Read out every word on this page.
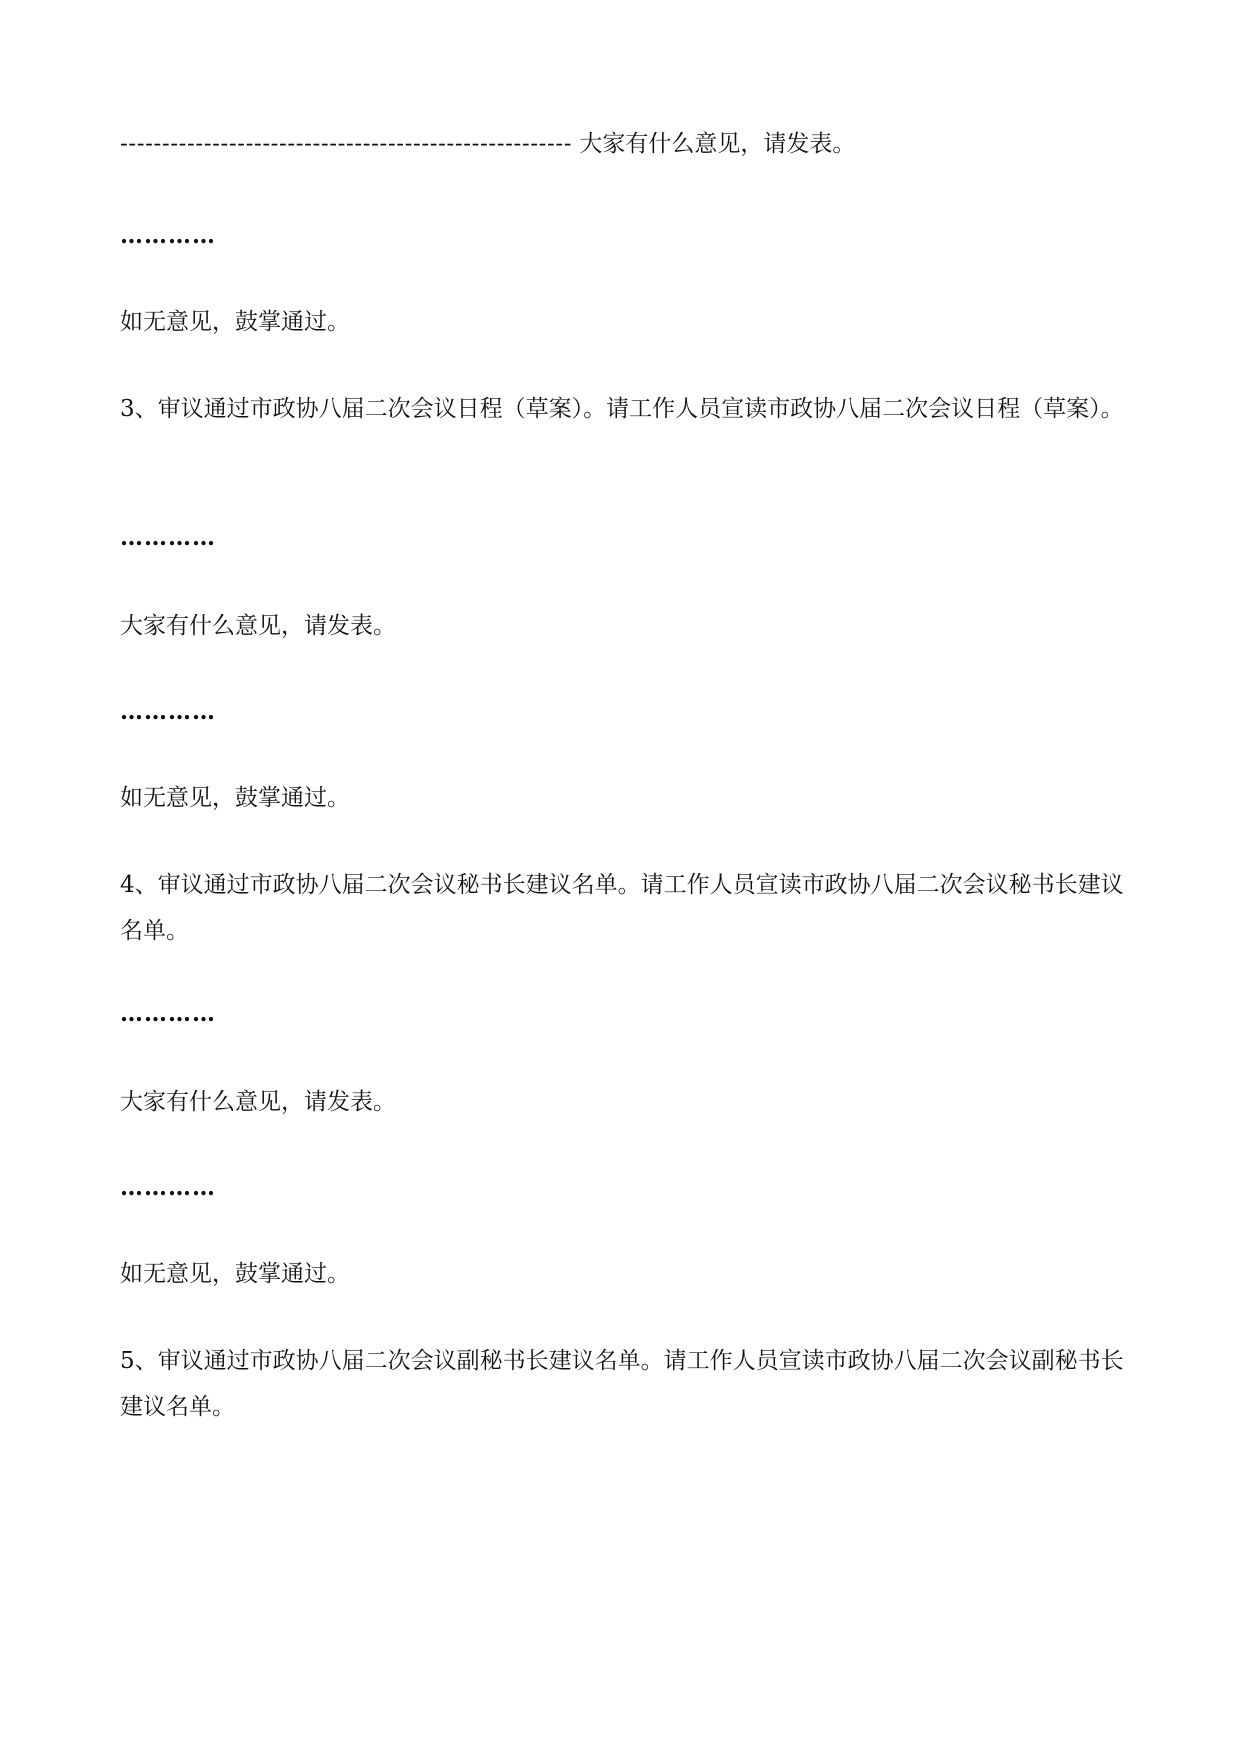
------------------------------------------------------ 大家有什么意见，请发表。
…………
如无意见，鼓掌通过。
3、审议通过市政协八届二次会议日程（草案）。请工作人员宣读市政协八届二次会议日程（草案）。
…………
大家有什么意见，请发表。
…………
如无意见，鼓掌通过。
4、审议通过市政协八届二次会议秘书长建议名单。请工作人员宣读市政协八届二次会议秘书长建议名单。
…………
大家有什么意见，请发表。
…………
如无意见，鼓掌通过。
5、审议通过市政协八届二次会议副秘书长建议名单。请工作人员宣读市政协八届二次会议副秘书长建议名单。
